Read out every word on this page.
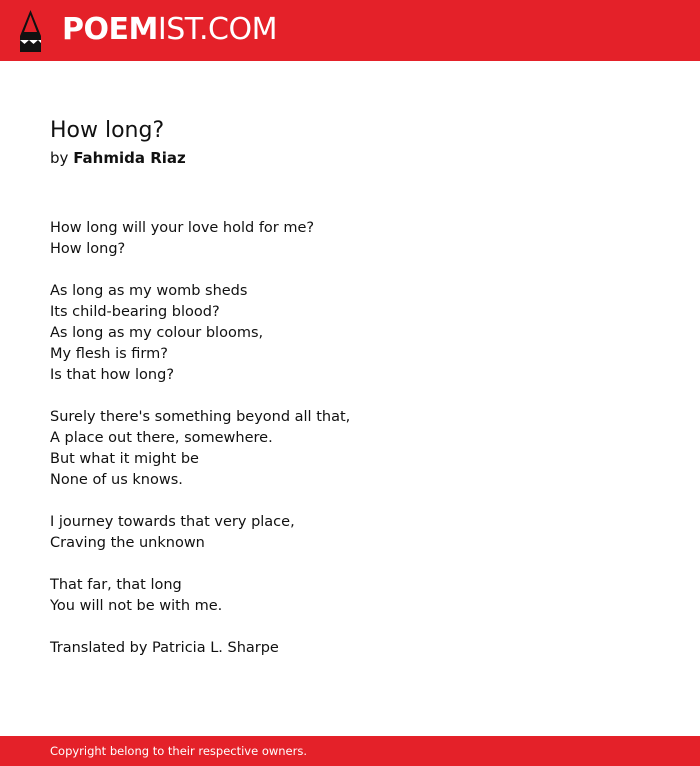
POEMIST.COM
How long?
by Fahmida Riaz
How long will your love hold for me?
How long?
As long as my womb sheds
Its child-bearing blood?
As long as my colour blooms,
My flesh is firm?
Is that how long?
Surely there's something beyond all that,
A place out there, somewhere.
But what it might be
None of us knows.
I journey towards that very place,
Craving the unknown
That far, that long
You will not be with me.
Translated by Patricia L. Sharpe
Copyright belong to their respective owners.
